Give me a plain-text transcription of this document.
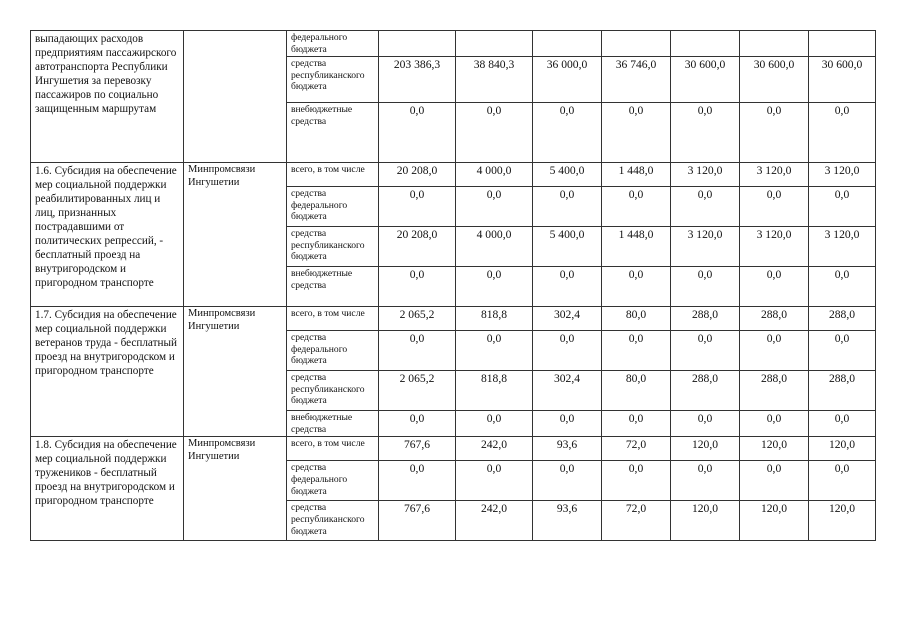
выпадающих расходов предприятиям пассажирского автотранспорта Республики Ингушетия за перевозку пассажиров по социально защищенным маршрутам		федерального бюджета							
		средства республиканского бюджета	203 386,3	38 840,3	36 000,0	36 746,0	30 600,0	30 600,0	30 600,0
		внебюджетные средства	0,0	0,0	0,0	0,0	0,0	0,0	0,0
1.6. Субсидия на обеспечение мер социальной поддержки реабилитированных лиц и лиц, признанных пострадавшими от политических репрессий, - бесплатный проезд на внутригородском и пригородном транспорте	Минпромсвязи Ингушетии	всего, в том числе	20 208,0	4 000,0	5 400,0	1 448,0	3 120,0	3 120,0	3 120,0
		средства федерального бюджета	0,0	0,0	0,0	0,0	0,0	0,0	0,0
		средства республиканского бюджета	20 208,0	4 000,0	5 400,0	1 448,0	3 120,0	3 120,0	3 120,0
		внебюджетные средства	0,0	0,0	0,0	0,0	0,0	0,0	0,0
1.7. Субсидия на обеспечение мер социальной поддержки ветеранов труда - бесплатный проезд на внутригородском и пригородном транспорте	Минпромсвязи Ингушетии	всего, в том числе	2 065,2	818,8	302,4	80,0	288,0	288,0	288,0
		средства федерального бюджета	0,0	0,0	0,0	0,0	0,0	0,0	0,0
		средства республиканского бюджета	2 065,2	818,8	302,4	80,0	288,0	288,0	288,0
		внебюджетные средства	0,0	0,0	0,0	0,0	0,0	0,0	0,0
1.8. Субсидия на обеспечение мер социальной поддержки тружеников - бесплатный проезд на внутригородском и пригородном транспорте	Минпромсвязи Ингушетии	всего, в том числе	767,6	242,0	93,6	72,0	120,0	120,0	120,0
		средства федерального бюджета	0,0	0,0	0,0	0,0	0,0	0,0	0,0
		средства республиканского бюджета	767,6	242,0	93,6	72,0	120,0	120,0	120,0
